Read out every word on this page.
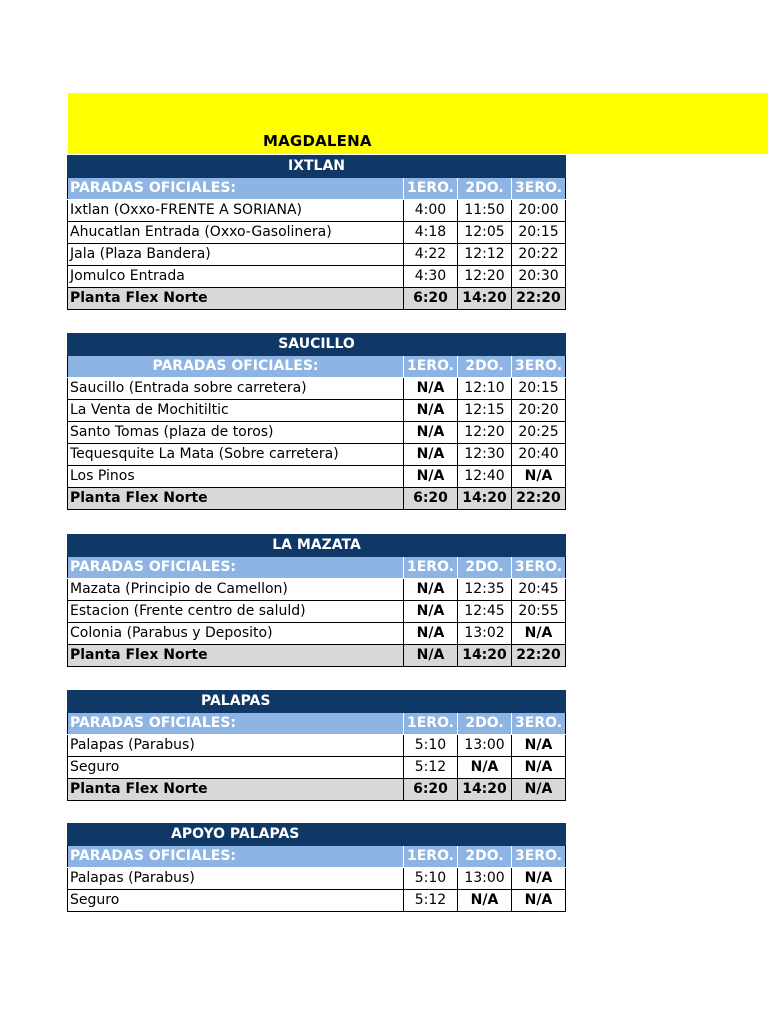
MAGDALENA
IXTLAN			
PARADAS OFICIALES:	1ERO.	2DO.	3ERO.
Ixtlan (Oxxo-FRENTE A SORIANA)	4:00	11:50	20:00
Ahucatlan Entrada (Oxxo-Gasolinera)	4:18	12:05	20:15
Jala (Plaza Bandera)	4:22	12:12	20:22
Jomulco Entrada	4:30	12:20	20:30
Planta Flex Norte	6:20	14:20	22:20
SAUCILLO			
PARADAS OFICIALES:	1ERO.	2DO.	3ERO.
Saucillo (Entrada sobre carretera)	N/A	12:10	20:15
La Venta de Mochitiltic	N/A	12:15	20:20
Santo Tomas (plaza de toros)	N/A	12:20	20:25
Tequesquite La Mata (Sobre carretera)	N/A	12:30	20:40
Los Pinos	N/A	12:40	N/A
Planta Flex Norte	6:20	14:20	22:20
LA MAZATA			
PARADAS OFICIALES:	1ERO.	2DO.	3ERO.
Mazata (Principio de Camellon)	N/A	12:35	20:45
Estacion (Frente centro de saluld)	N/A	12:45	20:55
Colonia (Parabus y Deposito)	N/A	13:02	N/A
Planta Flex Norte	N/A	14:20	22:20
PALAPAS			
PARADAS OFICIALES:	1ERO.	2DO.	3ERO.
Palapas (Parabus)	5:10	13:00	N/A
Seguro	5:12	N/A	N/A
Planta Flex Norte	6:20	14:20	N/A
APOYO PALAPAS			
PARADAS OFICIALES:	1ERO.	2DO.	3ERO.
Palapas (Parabus)	5:10	13:00	N/A
Seguro	5:12	N/A	N/A
